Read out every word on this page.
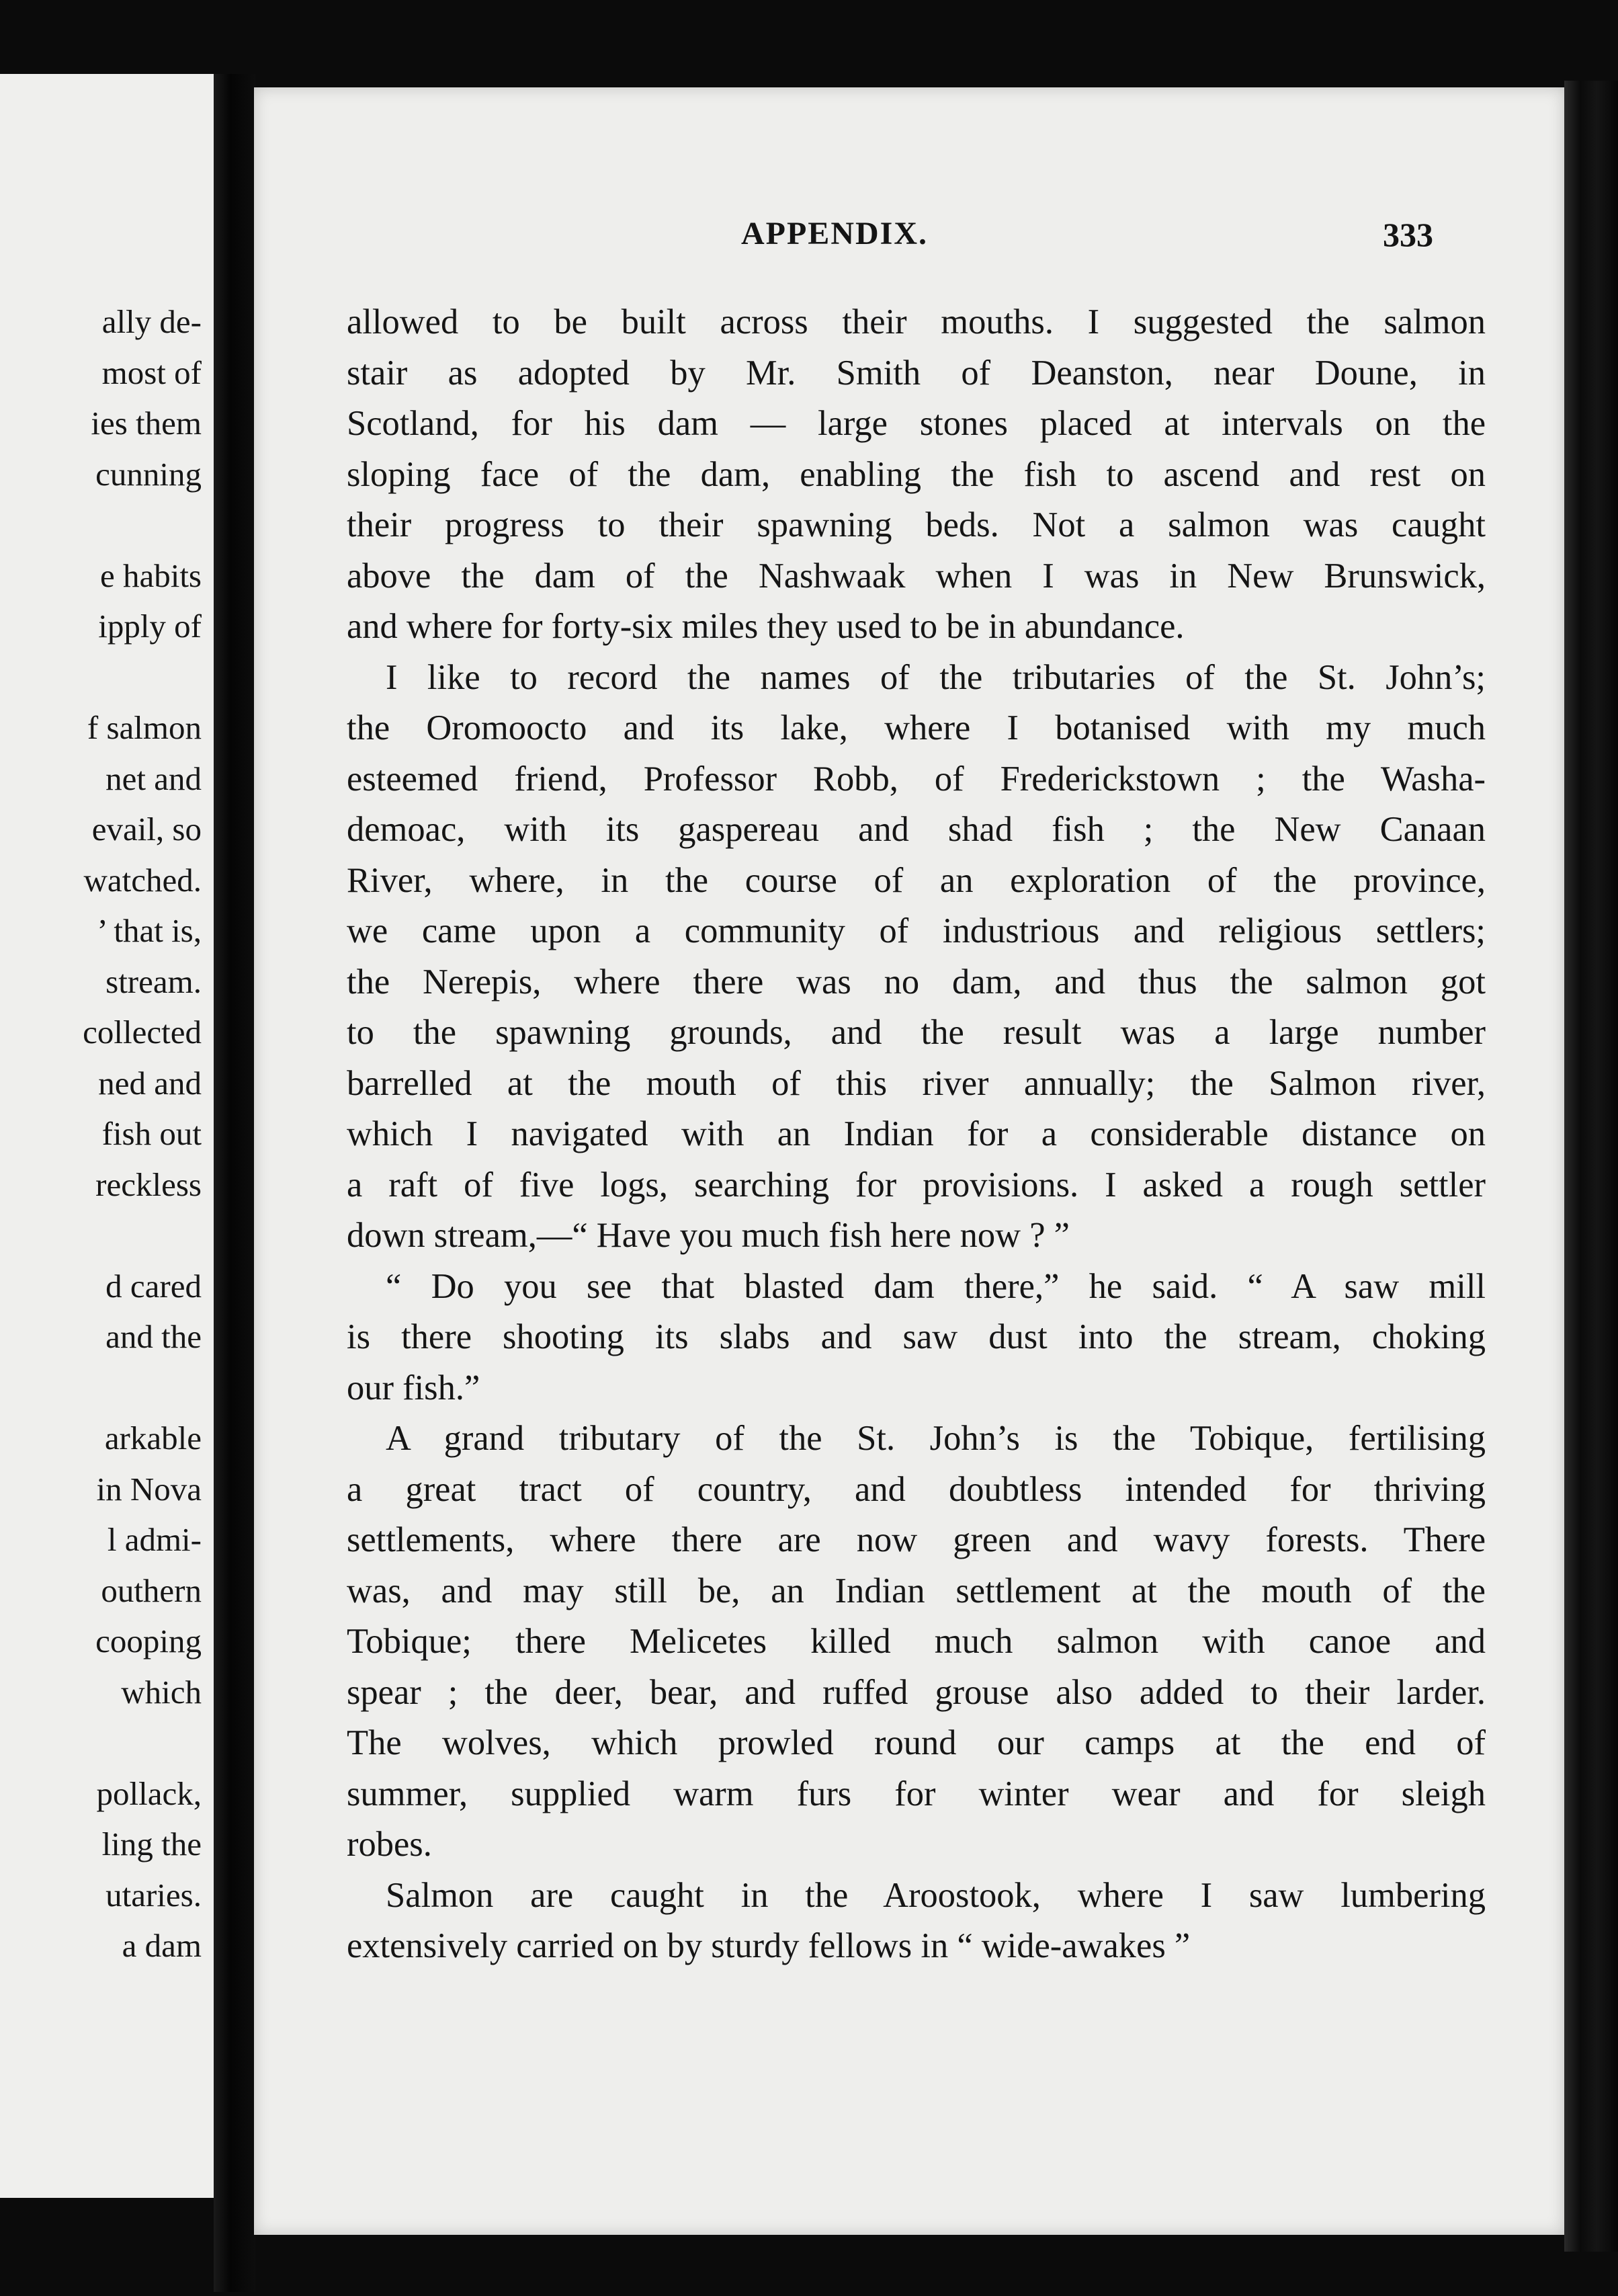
ally de-
most of
ies them
cunning
e habits
ipply of
f salmon
net and
evail, so
watched.
’ that is,
stream.
collected
ned and
fish out
reckless
d cared
and the
arkable
in Nova
l admi-
outhern
cooping
which
pollack,
ling the
utaries.
a dam
APPENDIX.	333
allowed to be built across their mouths. I suggested the salmon
stair as adopted by Mr. Smith of Deanston, near Doune, in
Scotland, for his dam — large stones placed at intervals on the
sloping face of the dam, enabling the fish to ascend and rest on
their progress to their spawning beds. Not a salmon was caught
above the dam of the Nashwaak when I was in New Brunswick,
and where for forty-six miles they used to be in abundance.
I like to record the names of the tributaries of the St. John’s;
the Oromoocto and its lake, where I botanised with my much
esteemed friend, Professor Robb, of Frederickstown ; the Washa-
demoac, with its gaspereau and shad fish ; the New Canaan
River, where, in the course of an exploration of the province,
we came upon a community of industrious and religious settlers;
the Nerepis, where there was no dam, and thus the salmon got
to the spawning grounds, and the result was a large number
barrelled at the mouth of this river annually; the Salmon river,
which I navigated with an Indian for a considerable distance on
a raft of five logs, searching for provisions. I asked a rough settler
down stream,—“ Have you much fish here now ? ”
“ Do you see that blasted dam there,” he said. “ A saw mill
is there shooting its slabs and saw dust into the stream, choking
our fish.”
A grand tributary of the St. John’s is the Tobique, fertilising
a great tract of country, and doubtless intended for thriving
settlements, where there are now green and wavy forests. There
was, and may still be, an Indian settlement at the mouth of the
Tobique; there Melicetes killed much salmon with canoe and
spear ; the deer, bear, and ruffed grouse also added to their larder.
The wolves, which prowled round our camps at the end of
summer, supplied warm furs for winter wear and for sleigh
robes.
Salmon are caught in the Aroostook, where I saw lumbering
extensively carried on by sturdy fellows in “ wide-awakes ”
